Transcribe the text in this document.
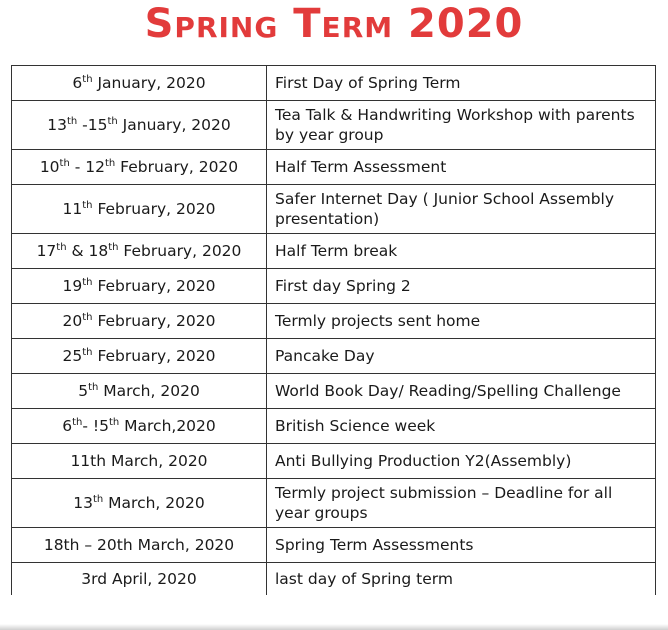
Spring Term 2020
6th January, 2020	First Day of Spring Term
13th -15th January, 2020	Tea Talk & Handwriting Workshop with parents by year group
10th - 12th February, 2020	Half Term Assessment
11th February, 2020	Safer Internet Day ( Junior School Assembly presentation)
17th & 18th February, 2020	Half Term break
19th February, 2020	First day Spring 2
20th February, 2020	Termly projects sent home
25th February, 2020	Pancake Day
5th March, 2020	World Book Day/ Reading/Spelling Challenge
6th- !5th March,2020	British Science week
11th March, 2020	Anti Bullying Production Y2(Assembly)
13th March, 2020	Termly project submission – Deadline for all year groups
18th – 20th March, 2020	Spring Term Assessments
3rd April, 2020	last day of Spring term
